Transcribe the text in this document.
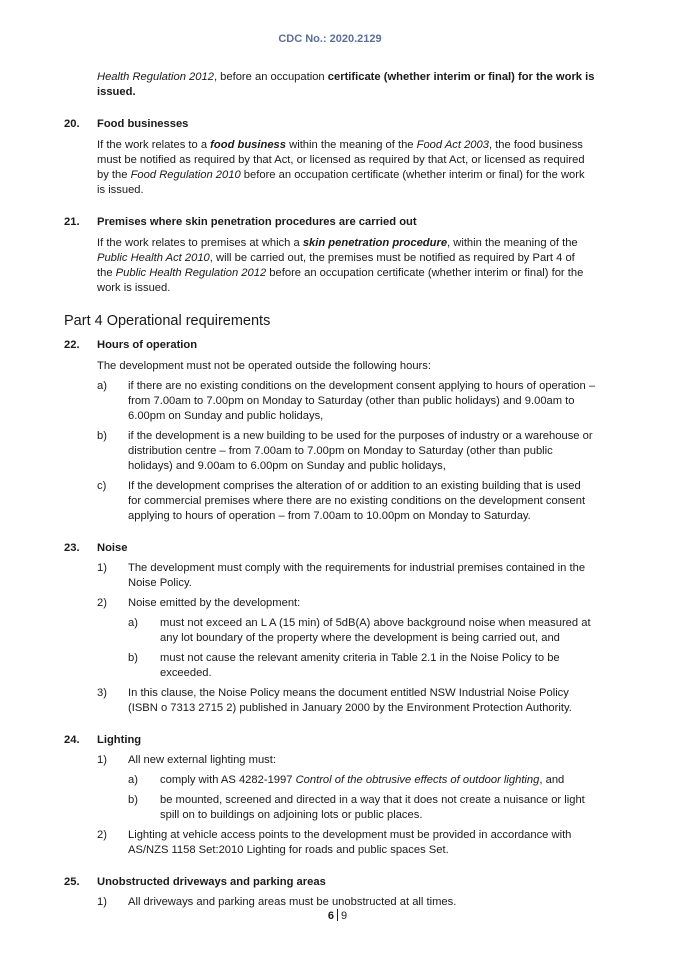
CDC No.: 2020.2129
Health Regulation 2012, before an occupation certificate (whether interim or final) for the work is issued.
20. Food businesses
If the work relates to a food business within the meaning of the Food Act 2003, the food business must be notified as required by that Act, or licensed as required by that Act, or licensed as required by the Food Regulation 2010 before an occupation certificate (whether interim or final) for the work is issued.
21. Premises where skin penetration procedures are carried out
If the work relates to premises at which a skin penetration procedure, within the meaning of the Public Health Act 2010, will be carried out, the premises must be notified as required by Part 4 of the Public Health Regulation 2012 before an occupation certificate (whether interim or final) for the work is issued.
Part 4 Operational requirements
22. Hours of operation
The development must not be operated outside the following hours:
a) if there are no existing conditions on the development consent applying to hours of operation – from 7.00am to 7.00pm on Monday to Saturday (other than public holidays) and 9.00am to 6.00pm on Sunday and public holidays,
b) if the development is a new building to be used for the purposes of industry or a warehouse or distribution centre – from 7.00am to 7.00pm on Monday to Saturday (other than public holidays) and 9.00am to 6.00pm on Sunday and public holidays,
c) If the development comprises the alteration of or addition to an existing building that is used for commercial premises where there are no existing conditions on the development consent applying to hours of operation – from 7.00am to 10.00pm on Monday to Saturday.
23. Noise
1) The development must comply with the requirements for industrial premises contained in the Noise Policy.
2) Noise emitted by the development:
a) must not exceed an L A (15 min) of 5dB(A) above background noise when measured at any lot boundary of the property where the development is being carried out, and
b) must not cause the relevant amenity criteria in Table 2.1 in the Noise Policy to be exceeded.
3) In this clause, the Noise Policy means the document entitled NSW Industrial Noise Policy (ISBN o 7313 2715 2) published in January 2000 by the Environment Protection Authority.
24. Lighting
1) All new external lighting must:
a) comply with AS 4282-1997 Control of the obtrusive effects of outdoor lighting, and
b) be mounted, screened and directed in a way that it does not create a nuisance or light spill on to buildings on adjoining lots or public places.
2) Lighting at vehicle access points to the development must be provided in accordance with AS/NZS 1158 Set:2010 Lighting for roads and public spaces Set.
25. Unobstructed driveways and parking areas
1) All driveways and parking areas must be unobstructed at all times.
6 9
